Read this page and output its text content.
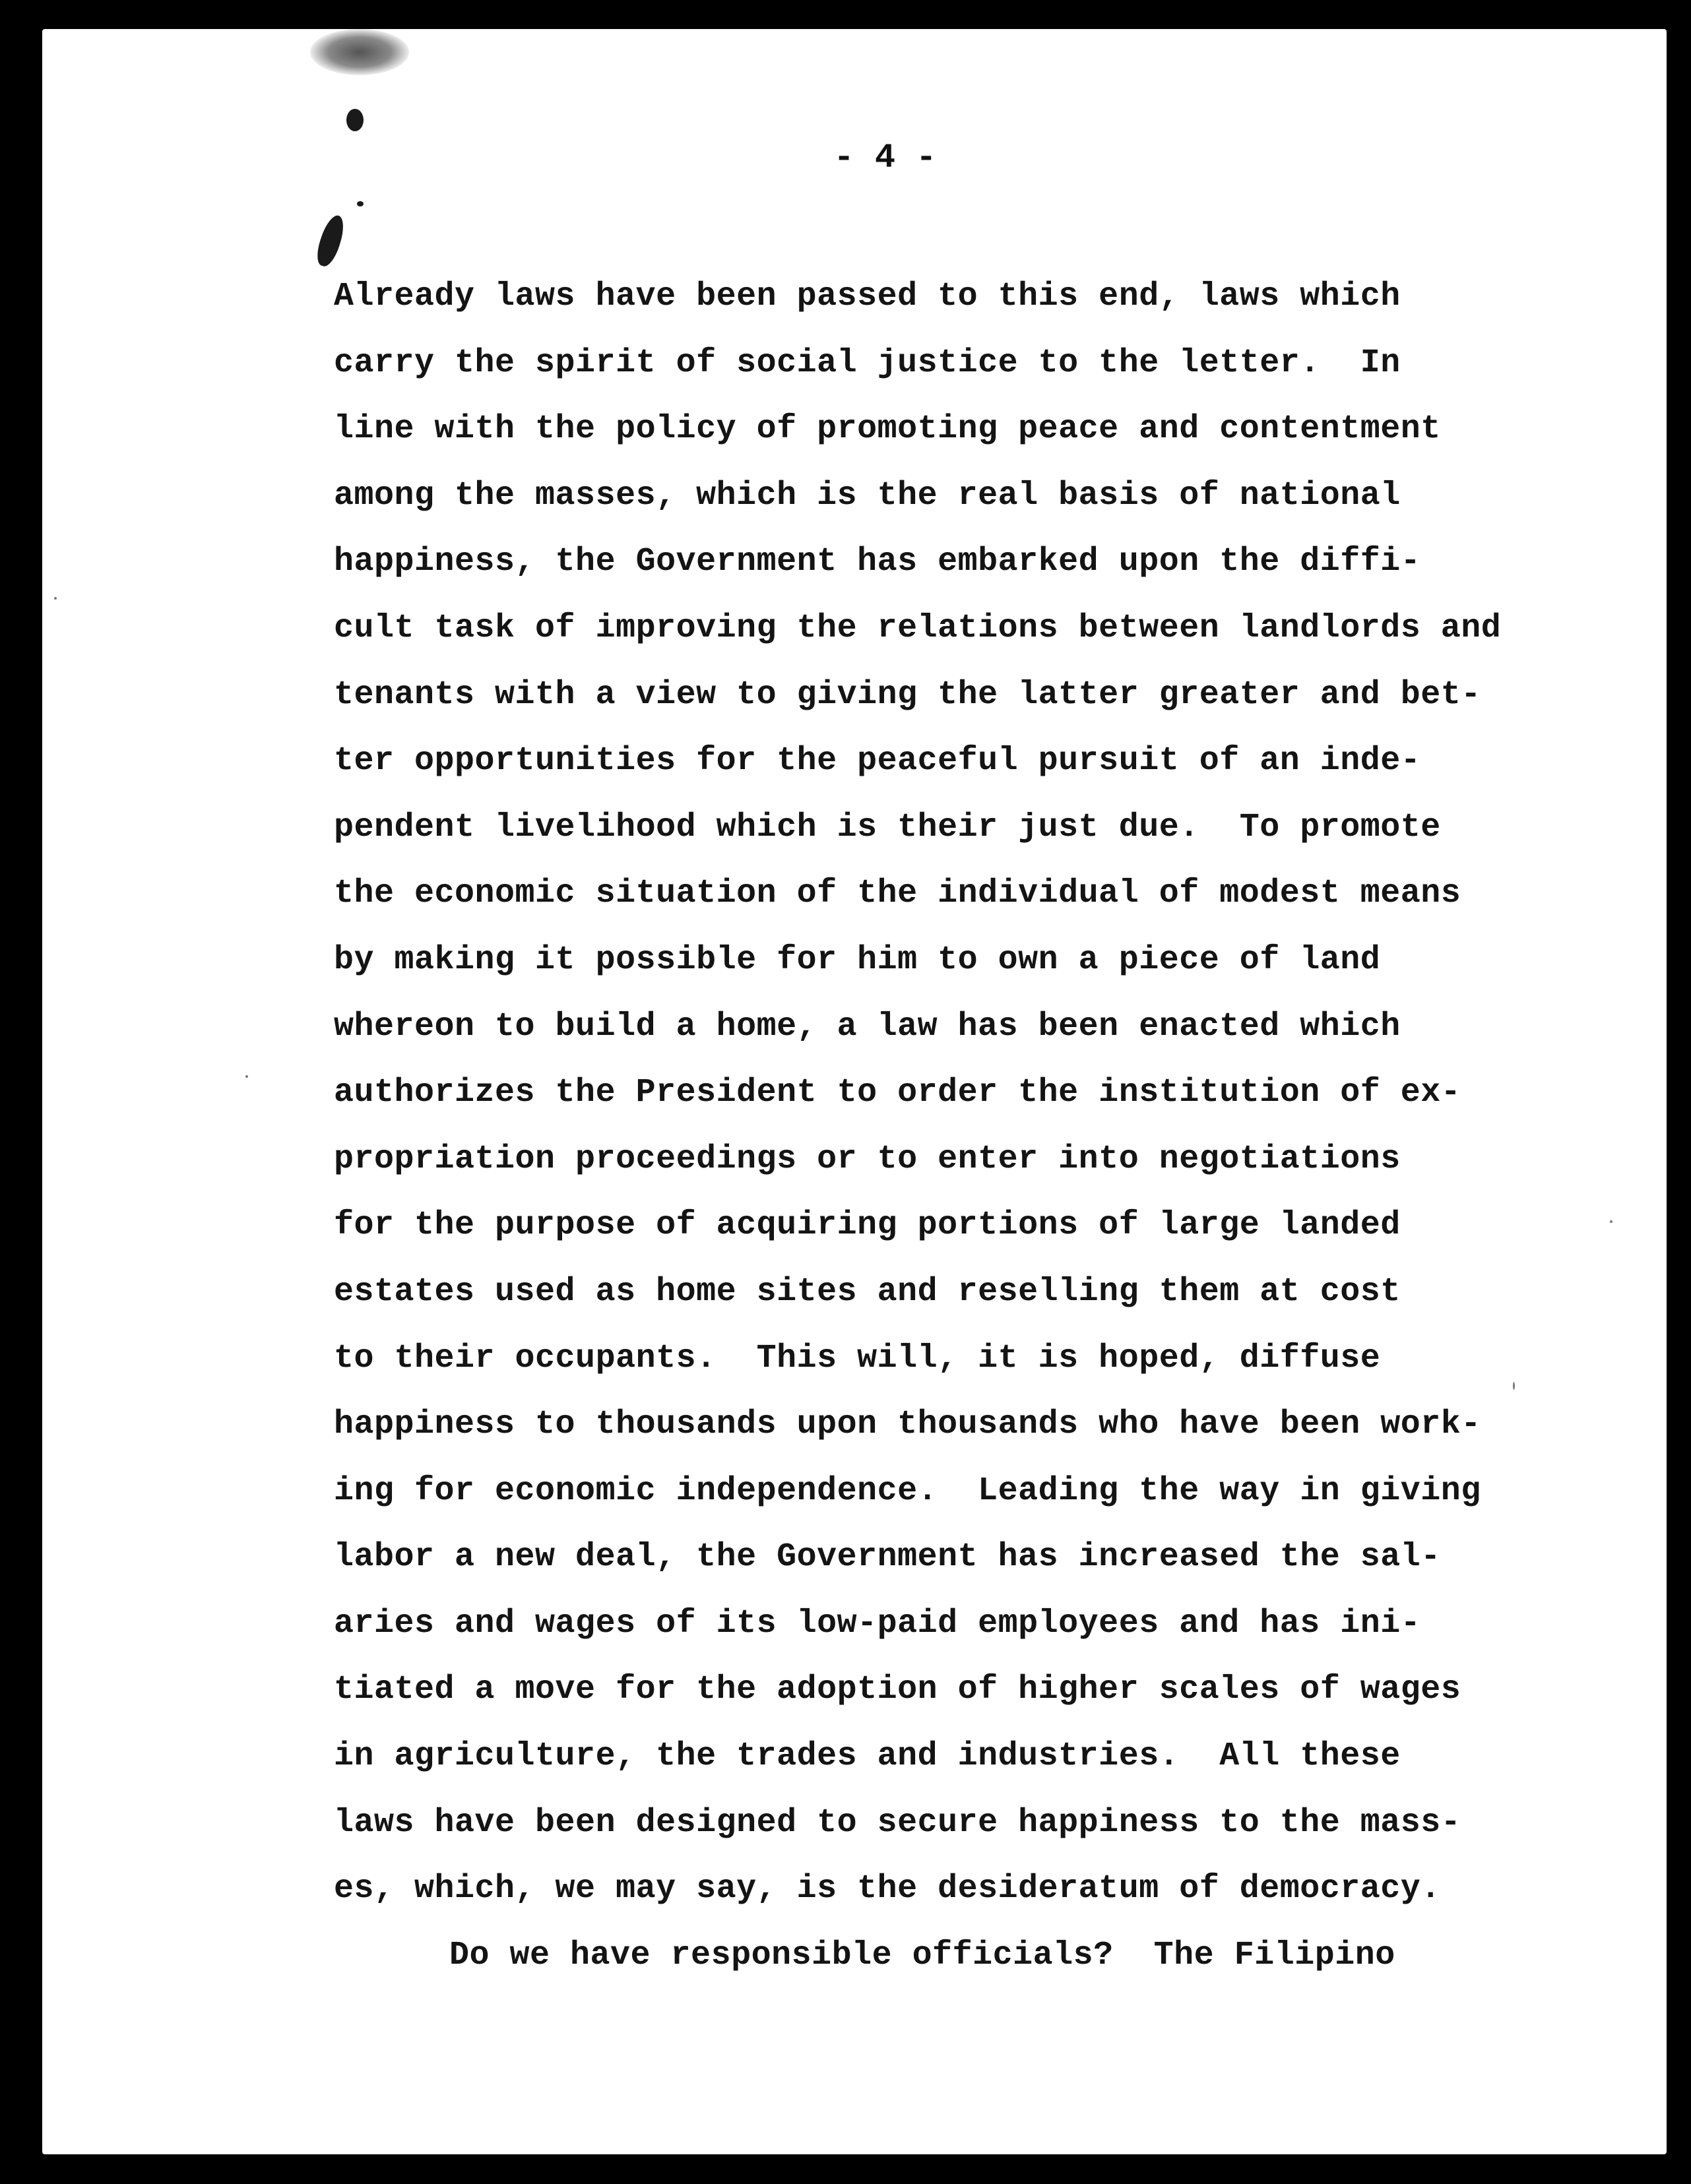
- 4 -
Already laws have been passed to this end, laws which
carry the spirit of social justice to the letter.  In
line with the policy of promoting peace and contentment
among the masses, which is the real basis of national
happiness, the Government has embarked upon the diffi-
cult task of improving the relations between landlords and
tenants with a view to giving the latter greater and bet-
ter opportunities for the peaceful pursuit of an inde-
pendent livelihood which is their just due.  To promote
the economic situation of the individual of modest means
by making it possible for him to own a piece of land
whereon to build a home, a law has been enacted which
authorizes the President to order the institution of ex-
propriation proceedings or to enter into negotiations
for the purpose of acquiring portions of large landed
estates used as home sites and reselling them at cost
to their occupants.  This will, it is hoped, diffuse
happiness to thousands upon thousands who have been work-
ing for economic independence.  Leading the way in giving
labor a new deal, the Government has increased the sal-
aries and wages of its low-paid employees and has ini-
tiated a move for the adoption of higher scales of wages
in agriculture, the trades and industries.  All these
laws have been designed to secure happiness to the mass-
es, which, we may say, is the desideratum of democracy.
Do we have responsible officials?  The Filipino
